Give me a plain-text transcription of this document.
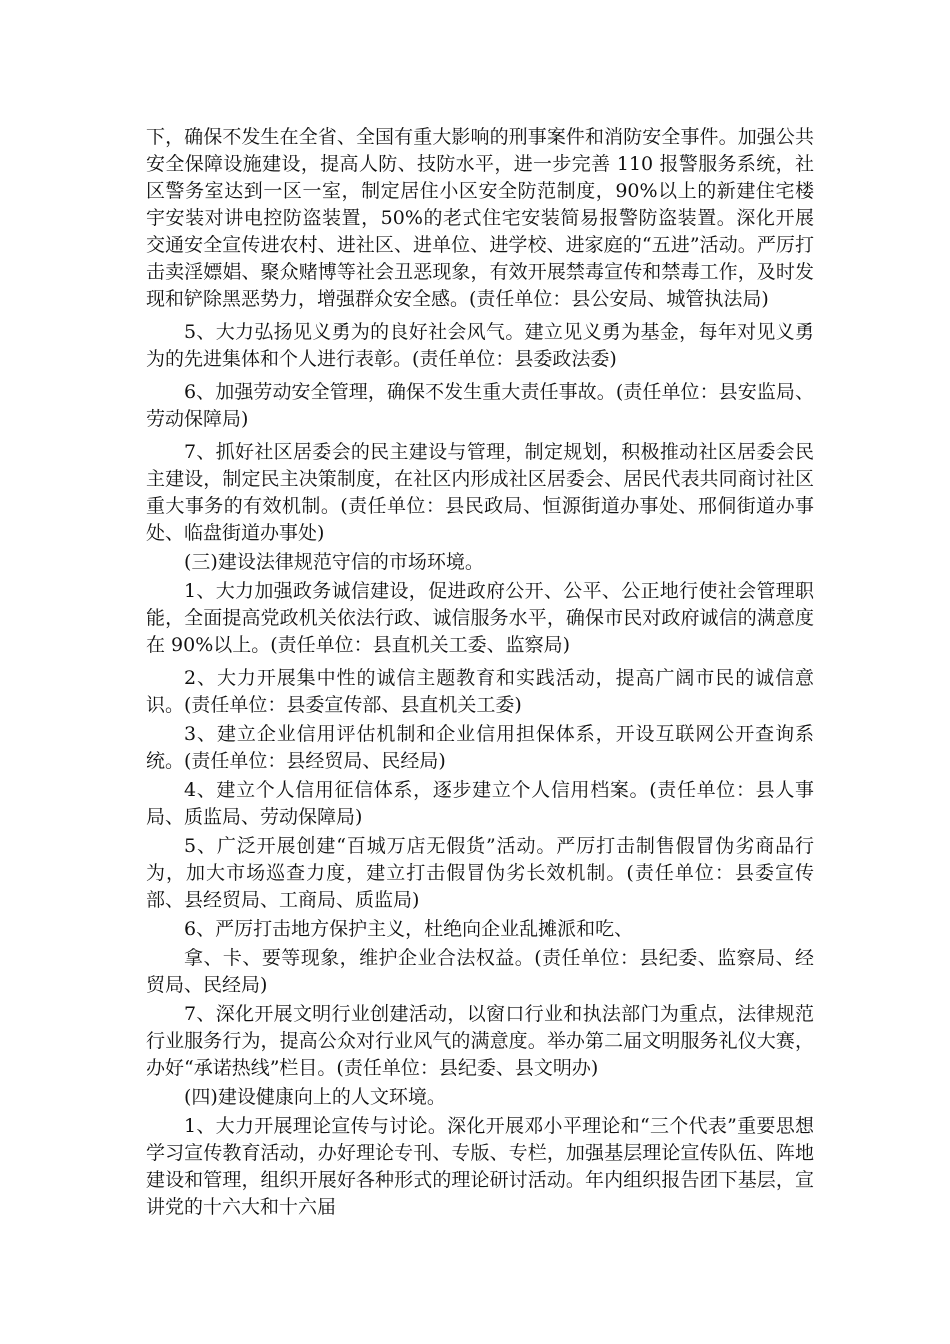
下，确保不发生在全省、全国有重大影响的刑事案件和消防安全事件。加强公共安全保障设施建设，提高人防、技防水平，进一步完善 110 报警服务系统，社区警务室达到一区一室，制定居住小区安全防范制度，90%以上的新建住宅楼宇安装对讲电控防盗装置，50%的老式住宅安装简易报警防盗装置。深化开展交通安全宣传进农村、进社区、进单位、进学校、进家庭的“五进”活动。严厉打击卖淫嫖娼、聚众赌博等社会丑恶现象，有效开展禁毒宣传和禁毒工作，及时发现和铲除黑恶势力，增强群众安全感。(责任单位：县公安局、城管执法局)

5、大力弘扬见义勇为的良好社会风气。建立见义勇为基金，每年对见义勇为的先进集体和个人进行表彰。(责任单位：县委政法委)

6、加强劳动安全管理，确保不发生重大责任事故。(责任单位：县安监局、劳动保障局)

7、抓好社区居委会的民主建设与管理，制定规划，积极推动社区居委会民主建设，制定民主决策制度，在社区内形成社区居委会、居民代表共同商讨社区重大事务的有效机制。(责任单位：县民政局、恒源街道办事处、邢侗街道办事处、临盘街道办事处)

(三)建设法律规范守信的市场环境。

1、大力加强政务诚信建设，促进政府公开、公平、公正地行使社会管理职能，全面提高党政机关依法行政、诚信服务水平，确保市民对政府诚信的满意度在 90%以上。(责任单位：县直机关工委、监察局)

2、大力开展集中性的诚信主题教育和实践活动，提高广阔市民的诚信意识。(责任单位：县委宣传部、县直机关工委)

3、建立企业信用评估机制和企业信用担保体系，开设互联网公开查询系统。(责任单位：县经贸局、民经局)

4、建立个人信用征信体系，逐步建立个人信用档案。(责任单位：县人事局、质监局、劳动保障局)

5、广泛开展创建“百城万店无假货”活动。严厉打击制售假冒伪劣商品行为，加大市场巡查力度，建立打击假冒伪劣长效机制。(责任单位：县委宣传部、县经贸局、工商局、质监局)

6、严厉打击地方保护主义，杜绝向企业乱摊派和吃、

拿、卡、要等现象，维护企业合法权益。(责任单位：县纪委、监察局、经贸局、民经局)

7、深化开展文明行业创建活动，以窗口行业和执法部门为重点，法律规范行业服务行为，提高公众对行业风气的满意度。举办第二届文明服务礼仪大赛，办好“承诺热线”栏目。(责任单位：县纪委、县文明办)

(四)建设健康向上的人文环境。

1、大力开展理论宣传与讨论。深化开展邓小平理论和“三个代表”重要思想学习宣传教育活动，办好理论专刊、专版、专栏，加强基层理论宣传队伍、阵地建设和管理，组织开展好各种形式的理论研讨活动。年内组织报告团下基层，宣讲党的十六大和十六届
